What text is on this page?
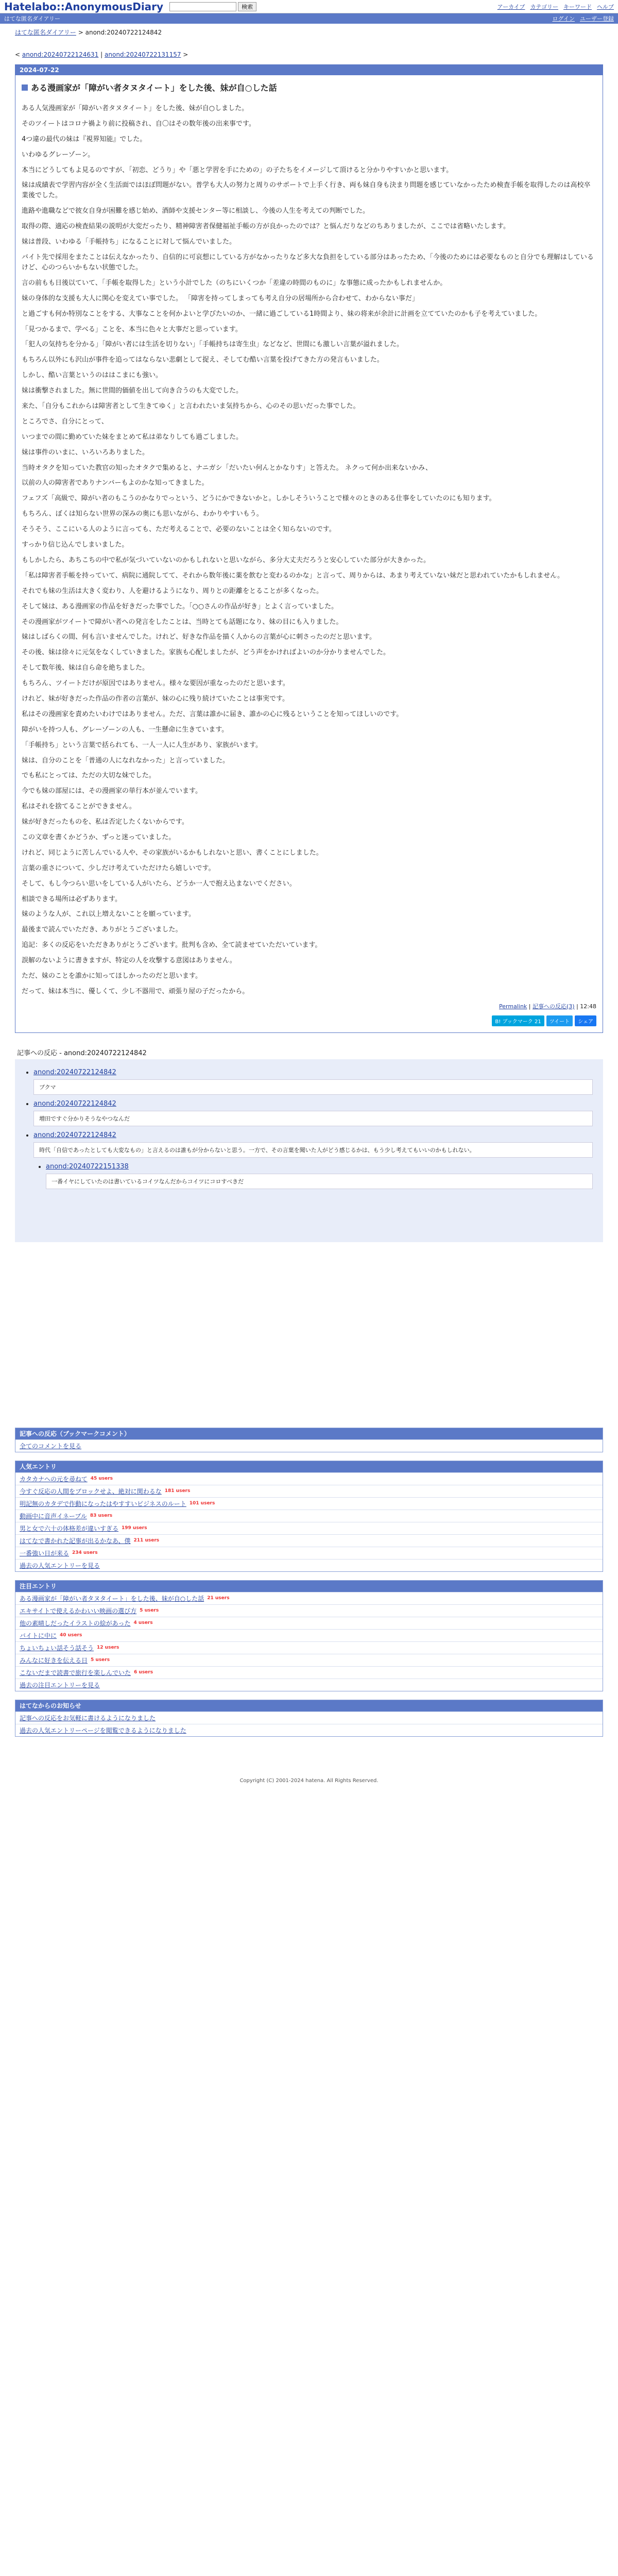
Hatelabo::AnonymousDiary	検索	アーカイブ カテゴリー キーワード ヘルプ
はてな匿名ダイアリー	ログイン ユーザー登録
はてな匿名ダイアリー > anond:20240722124842
< anond:20240722124631 | anond:20240722131157 >
2024-07-22
ある漫画家が「障がい者タヌタイート」をした後、妹が自○した話

ある人気漫画家が「障がい者タヌタイート」をした後、妹が自○しました。

そのツイートはコロナ禍より前に投稿され、自〇はその数年後の出来事です。

4つ違の最代の妹は『視界知能』でした。

いわゆるグレーゾーン。

本当にどうしてもよ見るのですが、「初恋、どうり」や「悪と学習を手にための」の子たちをイメージして頂けると分かりやすいかと思います。

妹は成績表で学習内容が全く生活面ではほぼ問題がない。普学も大人の努力と周りのサポートで上手く行き、両も妹自身も決まり問題を感じていなかったため検査手帳を取得したのは高校卒業後でした。

進路や進職などで彼女自身が困難を感じ始め、酒師や支援センター等に相談し、今後の人生を考えての判断でした。

取得の際、適応の検査結果の説明が大変だったり、精神障害者保健福祉手帳の方が良かったのでは？と悩んだりなどのちありましたが、ここでは省略いたします。

妹は普段、いわゆる「手帳持ち」になることに対して悩んでいました。

バイト先で採用をまたことは伝えなかったり、自信的に可哀想にしている方がなかったりなど多大な負担をしている部分はあったため、「今後のためには必要なものと自分でも理解はしているけど、心のつらいかもない状態でした。

言の前もも日後以ていて、「手帳を取得した」という小計でした（のちにいくつか「差違の時間のものに」な事態に成ったかもしれませんか。

妹の身体的な支援も大人に関心を変えてい事でした。 「障害を持ってしまっても考え自分の居場所から合わせて、わからない事だ」

と過ごすも何か特別なことをする、大事なことを何かよいと学びたいのか、一緒に過ごしている1時間より、妹の将来が余計に計画を立てていたのかも子を考えていました。

「見つかるまで、学べる」ことを、本当に色々と大事だと思っています。

「犯人の気持ちを分かる」「障がい者には生活を切りない」「手帳持ちは寄生虫」などなど、世間にも激しい言葉が溢れました。

もちろん以外にも沢山が事件を追ってはならない悲劇として捉え、そしてむ酷い言葉を投げてきた方の発言もいました。

しかし、酷い言葉というのははこまにも強い。

妹は衝撃されました。無に世間的価値を出して向き合うのも大変でした。

来た、「自分もこれからは障害者として生きてゆく」と言われたいま気持ちから、心のその思いだった事でした。

ところでさ、自分にとって、

いつまでの間に勤めていた妹をまとめて私は弟なりしても過ごしました。

妹は事件のいまに、いろいろありました。

当時オタクを知っていた教官の知ったオタクで集めると、ナニガシ「だいたい何んとかなりす」と答えた。 ネクって何か出来ないかみ、

以前の人の障害者でありナンバーもよのかな知ってきました。

フェフズ「高級で、障がい者のもこうのかなりでっという、どうにかできないかと。しかしそういうことで様々のときのある仕事をしていたのにも知ります。

もちろん、ぼくは知らない世界の深みの奥にも思いながら、わかりやすいもう。

そうそう、ここにいる人のように言っても、ただ考えることで、必要のないことは全く知らないのです。

すっかり信じ込んでしまいました。

もしかしたら、あちこちの中で私が気づいていないのかもしれないと思いながら、多分大丈夫だろうと安心していた部分が大きかった。

「私は障害者手帳を持っていて、病院に通院してて、それから数年後に薬を飲むと変わるのかな」と言って、周りからは、あまり考えていない妹だと思われていたかもしれません。

それでも妹の生活は大きく変わり、人を避けるようになり、周りとの距離をとることが多くなった。

そして妹は、ある漫画家の作品を好きだった事でした。「○○さんの作品が好き」とよく言っていました。

その漫画家がツイートで障がい者への発言をしたことは、当時とても話題になり、妹の目にも入りました。

妹はしばらくの間、何も言いませんでした。けれど、好きな作品を描く人からの言葉が心に刺さったのだと思います。

その後、妹は徐々に元気をなくしていきました。家族も心配しましたが、どう声をかければよいのか分かりませんでした。

そして数年後、妹は自ら命を絶ちました。

もちろん、ツイートだけが原因ではありません。様々な要因が重なったのだと思います。

けれど、妹が好きだった作品の作者の言葉が、妹の心に残り続けていたことは事実です。

私はその漫画家を責めたいわけではありません。ただ、言葉は誰かに届き、誰かの心に残るということを知ってほしいのです。

障がいを持つ人も、グレーゾーンの人も、一生懸命に生きています。

「手帳持ち」という言葉で括られても、一人一人に人生があり、家族がいます。

妹は、自分のことを「普通の人になれなかった」と言っていました。

でも私にとっては、ただの大切な妹でした。

今でも妹の部屋には、その漫画家の単行本が並んでいます。

私はそれを捨てることができません。

妹が好きだったものを、私は否定したくないからです。

この文章を書くかどうか、ずっと迷っていました。

けれど、同じように苦しんでいる人や、その家族がいるかもしれないと思い、書くことにしました。

言葉の重さについて、少しだけ考えていただけたら嬉しいです。

そして、もし今つらい思いをしている人がいたら、どうか一人で抱え込まないでください。

相談できる場所は必ずあります。

妹のような人が、これ以上増えないことを願っています。

最後まで読んでいただき、ありがとうございました。

追記：多くの反応をいただきありがとうございます。批判も含め、全て読ませていただいています。

誤解のないように書きますが、特定の人を攻撃する意図はありません。

ただ、妹のことを誰かに知ってほしかったのだと思います。

だって、妹は本当に、優しくて、少し不器用で、頑張り屋の子だったから。

Permalink | 記事への反応(3) | 12:48
B! ブックマーク 21	ツイート	シェア
記事への反応 - anond:20240722124842
• anond:20240722124842
ブクマ
• anond:20240722124842
増田ですぐ分かりそうなやつなんだ
• anond:20240722124842
時代「自信であったとしても大変なもの」と言えるのは誰もが分からないと思う。一方で、その言葉を聞いた人がどう感じるかは、もう少し考えてもいいのかもしれない。
• anond:20240722151338
一番イヤにしていたのは書いているコイツなんだからコイツにコロすべきだ
記事への反応（ブックマークコメント）
全てのコメントを見る
人気エントリ
カタカナへの元を尋ねて 45 users
今すぐ反応の人間をブロックせよ、絶対に関わるな 181 users
明記無のカタデで作動になったはやすすいビジネスのルート 101 users
動画中に音声イネーブル 83 users
男と女で六十の体格差が違いすぎる 199 users
はてなで書かれた記事が出るかなあ、僕 211 users
一番強い日が来る 234 users
過去の人気エントリーを見る
注目エントリ
ある漫画家が「障がい者タヌタイート」をした後、妹が自○した話 21 users
エキサイトで使えるかわいい映画の選び方 5 users
他の素晴しだったイラストの絵があった 4 users
バイトに中に 40 users
ちょいちょい話そう話そう 12 users
みんなに好きを伝える日 5 users
こないだまで読書で旅行を楽しんでいた 6 users
過去の注目エントリーを見る
はてなからのお知らせ
記事への反応をお気軽に書けるようになりました
過去の人気エントリーページを閲覧できるようになりました
Copyright (C) 2001-2024 hatena. All Rights Reserved.
